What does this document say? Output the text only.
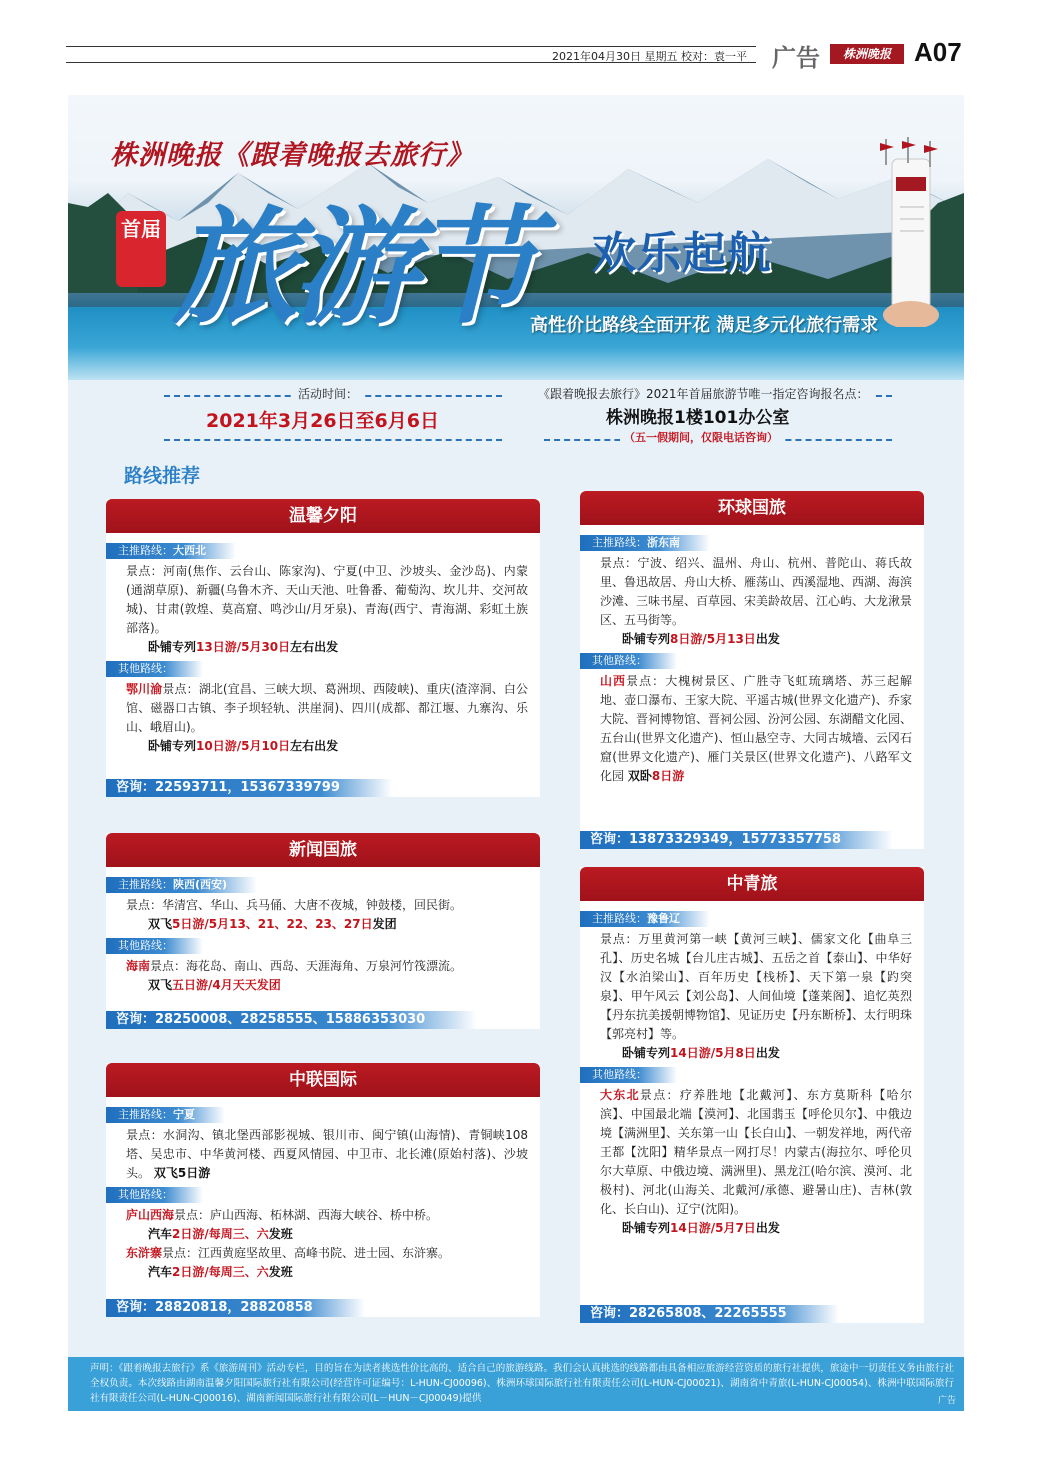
2021年04月30日 星期五 校对：袁一平 广告	株洲晚报 A07
株洲晚报《跟着晚报去旅行》
首届 旅游节 欢乐起航
高性价比路线全面开花 满足多元化旅行需求
活动时间：
2021年3月26日至6月6日
《跟着晚报去旅行》2021年首届旅游节唯一指定咨询报名点：
株洲晚报1楼101办公室
（五一假期间，仅限电话咨询）
路线推荐
温馨夕阳
主推路线：大西北
景点：河南(焦作、云台山、陈家沟)、宁夏(中卫、沙坡头、金沙岛)、内蒙(通湖草原)、新疆(乌鲁木齐、天山天池、吐鲁番、葡萄沟、坎儿井、交河故城)、甘肃(敦煌、莫高窟、鸣沙山/月牙泉)、青海(西宁、青海湖、彩虹土族部落)。
卧铺专列13日游/5月30日左右出发
其他路线：
鄂川渝景点：湖北(宜昌、三峡大坝、葛洲坝、西陵峡)、重庆(渣滓洞、白公馆、磁器口古镇、李子坝轻轨、洪崖洞)、四川(成都、都江堰、九寨沟、乐山、峨眉山)。
卧铺专列10日游/5月10日左右出发
咨询：22593711，15367339799
新闻国旅
主推路线：陕西(西安)
景点：华清宫、华山、兵马俑、大唐不夜城，钟鼓楼，回民街。
双飞5日游/5月13、21、22、23、27日发团
其他路线：
海南景点：海花岛、南山、西岛、天涯海角、万泉河竹筏漂流。
双飞五日游/4月天天发团
咨询：28250008、28258555、15886353030
中联国际
主推路线：宁夏
景点：水洞沟、镇北堡西部影视城、银川市、闽宁镇(山海情)、青铜峡108塔、吴忠市、中华黄河楼、西夏风情园、中卫市、北长滩(原始村落)、沙坡头。 双飞5日游
其他路线：
庐山西海景点：庐山西海、柘林湖、西海大峡谷、桥中桥。
汽车2日游/每周三、六发班
东浒寨景点：江西黄庭坚故里、高峰书院、进士园、东浒寨。
汽车2日游/每周三、六发班
咨询：28820818，28820858
环球国旅
主推路线：浙东南
景点：宁波、绍兴、温州、舟山、杭州、普陀山、蒋氏故里、鲁迅故居、舟山大桥、雁荡山、西溪湿地、西湖、海滨沙滩、三味书屋、百草园、宋美龄故居、江心屿、大龙湫景区、五马街等。
卧铺专列8日游/5月13日出发
其他路线：
山西景点：大槐树景区、广胜寺飞虹琉璃塔、苏三起解地、壶口瀑布、王家大院、平遥古城(世界文化遗产)、乔家大院、晋祠博物馆、晋祠公园、汾河公园、东湖醋文化园、五台山(世界文化遗产)、恒山悬空寺、大同古城墙、云冈石窟(世界文化遗产)、雁门关景区(世界文化遗产)、八路军文化园 双卧8日游
咨询：13873329349，15773357758
中青旅
主推路线：豫鲁辽
景点：万里黄河第一峡【黄河三峡】、儒家文化【曲阜三孔】、历史名城【台儿庄古城】、五岳之首【泰山】、中华好汉【水泊梁山】、百年历史【栈桥】、天下第一泉【趵突泉】、甲午风云【刘公岛】、人间仙境【蓬莱阁】、追忆英烈【丹东抗美援朝博物馆】、见证历史【丹东断桥】、太行明珠【郭亮村】等。
卧铺专列14日游/5月8日出发
其他路线：
大东北景点：疗养胜地【北戴河】、东方莫斯科【哈尔滨】、中国最北端【漠河】、北国翡玉【呼伦贝尔】、中俄边境【满洲里】、关东第一山【长白山】、一朝发祥地，两代帝王都【沈阳】精华景点一网打尽！内蒙古(海拉尔、呼伦贝尔大草原、中俄边境、满洲里)、黑龙江(哈尔滨、漠河、北极村)、河北(山海关、北戴河/承德、避暑山庄)、吉林(敦化、长白山)、辽宁(沈阳)。
卧铺专列14日游/5月7日出发
咨询：28265808、22265555
声明：《跟着晚报去旅行》系《旅游周刊》活动专栏，目的旨在为读者挑选性价比高的、适合自己的旅游线路。我们会认真挑选的线路都由具备相应旅游经营资质的旅行社提供，旅途中一切责任义务由旅行社全权负责。本次线路由湖南温馨夕阳国际旅行社有限公司(经营许可证编号：L-HUN-CJ00096)、株洲环球国际旅行社有限责任公司(L-HUN-CJ00021)、湖南省中青旅(L-HUN-CJ00054)、株洲中联国际旅行社有限责任公司(L-HUN-CJ00016)、湖南新闻国际旅行社有限公司(L－HUN－CJ00049)提供	广告
